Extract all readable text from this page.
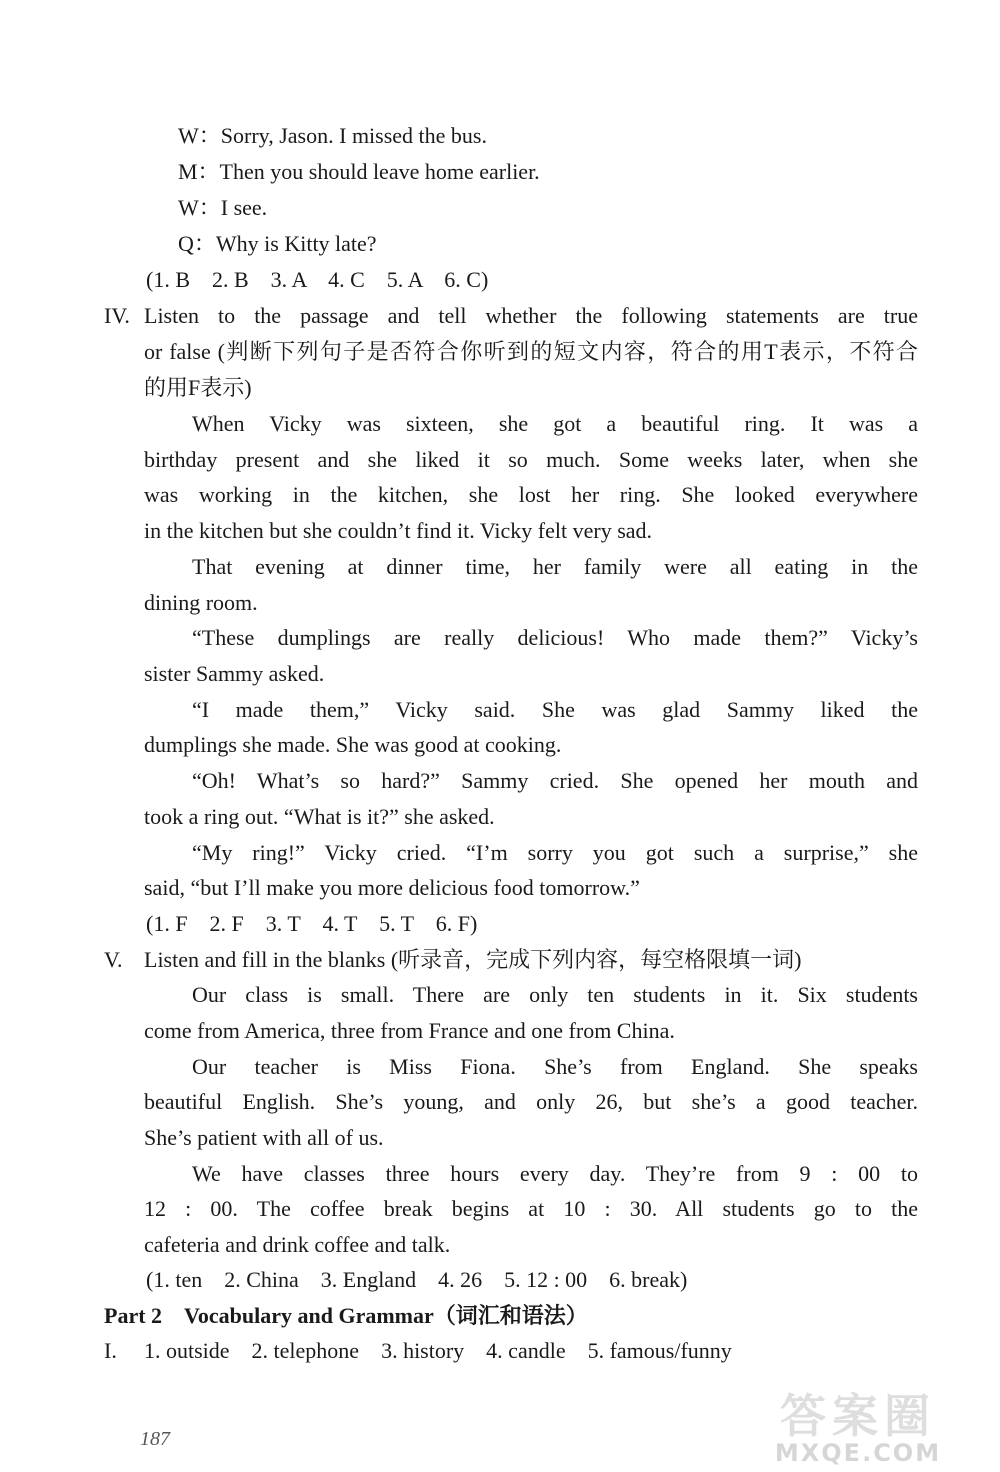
W：Sorry, Jason. I missed the bus.
M：Then you should leave home earlier.
W：I see.
Q：Why is Kitty late?
(1. B　2. B　3. A　4. C　5. A　6. C)
IV. Listen to the passage and tell whether the following statements are true
or false (判断下列句子是否符合你听到的短文内容，符合的用T表示，不符合
的用F表示)
When Vicky was sixteen, she got a beautiful ring. It was a
birthday present and she liked it so much. Some weeks later, when she
was working in the kitchen, she lost her ring. She looked everywhere
in the kitchen but she couldn’t find it. Vicky felt very sad.
That evening at dinner time, her family were all eating in the
dining room.
“These dumplings are really delicious! Who made them?” Vicky’s
sister Sammy asked.
“I made them,” Vicky said. She was glad Sammy liked the
dumplings she made. She was good at cooking.
“Oh! What’s so hard?” Sammy cried. She opened her mouth and
took a ring out. “What is it?” she asked.
“My ring!” Vicky cried. “I’m sorry you got such a surprise,” she
said, “but I’ll make you more delicious food tomorrow.”
(1. F　2. F　3. T　4. T　5. T　6. F)
V. Listen and fill in the blanks (听录音，完成下列内容，每空格限填一词)
Our class is small. There are only ten students in it. Six students
come from America, three from France and one from China.
Our teacher is Miss Fiona. She’s from England. She speaks
beautiful English. She’s young, and only 26, but she’s a good teacher.
She’s patient with all of us.
We have classes three hours every day. They’re from 9 : 00 to
12 : 00. The coffee break begins at 10 : 30. All students go to the
cafeteria and drink coffee and talk.
(1. ten　2. China　3. England　4. 26　5. 12 : 00　6. break)
Part 2　Vocabulary and Grammar（词汇和语法）
I. 1. outside　2. telephone　3. history　4. candle　5. famous/funny
187	答案圈
MXQE.COM
